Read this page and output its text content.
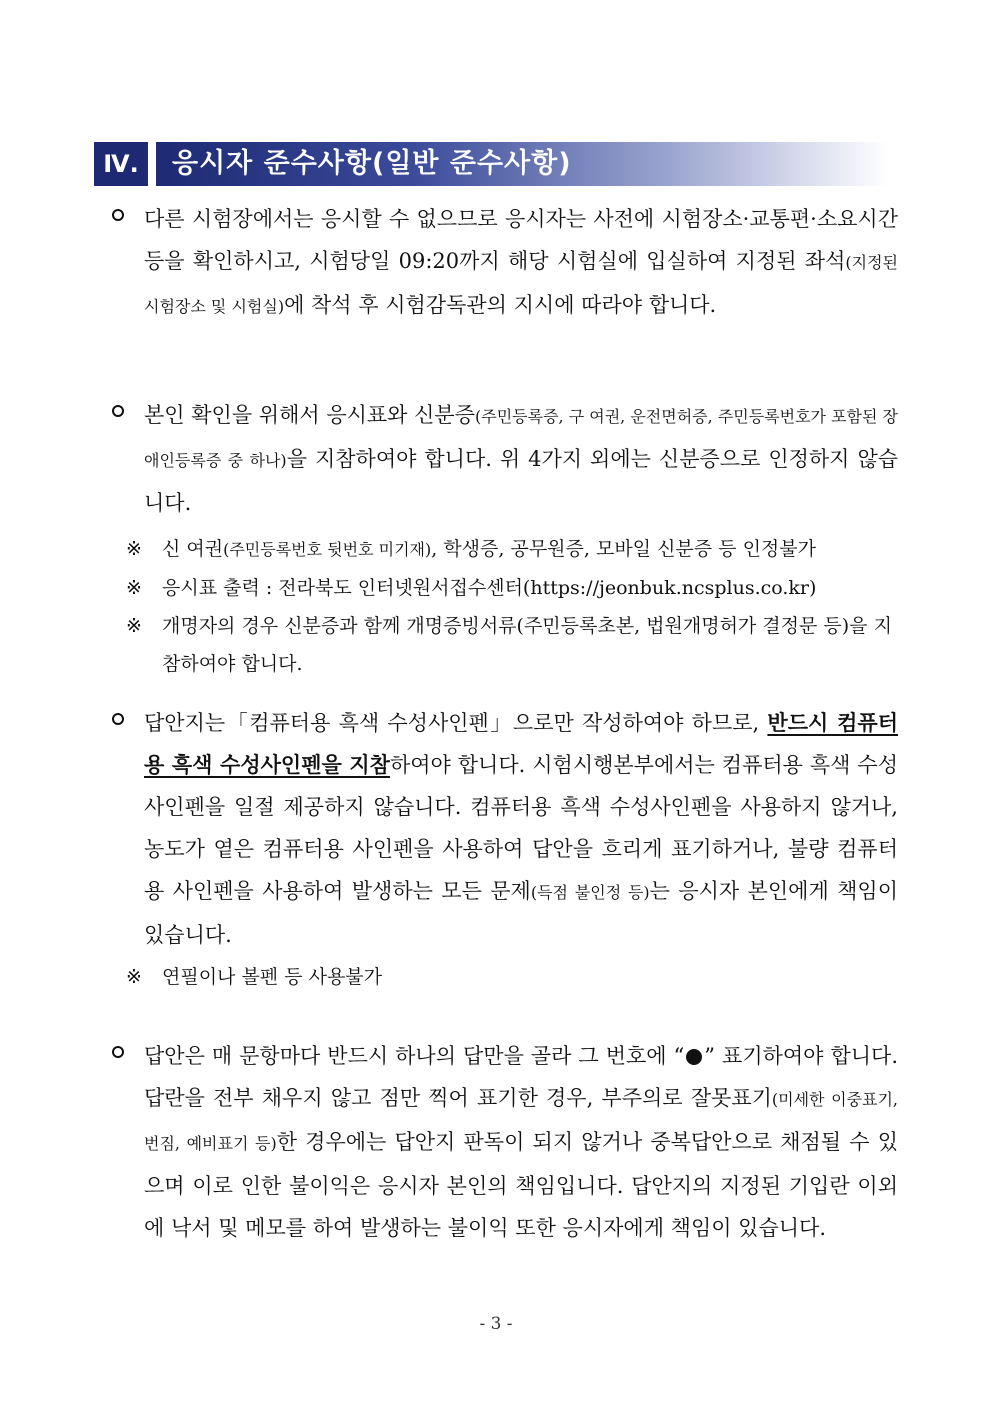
Ⅳ.	응시자 준수사항(일반 준수사항)
다른 시험장에서는 응시할 수 없으므로 응시자는 사전에 시험장소·교통편·소요시간 등을 확인하시고, 시험당일 09:20까지 해당 시험실에 입실하여 지정된 좌석(지정된 시험장소 및 시험실)에 착석 후 시험감독관의 지시에 따라야 합니다.
본인 확인을 위해서 응시표와 신분증(주민등록증, 구 여권, 운전면허증, 주민등록번호가 포함된 장애인등록증 중 하나)을 지참하여야 합니다. 위 4가지 외에는 신분증으로 인정하지 않습니다.
※ 신 여권(주민등록번호 뒷번호 미기재), 학생증, 공무원증, 모바일 신분증 등 인정불가
※ 응시표 출력 : 전라북도 인터넷원서접수센터(https://jeonbuk.ncsplus.co.kr)
※ 개명자의 경우 신분증과 함께 개명증빙서류(주민등록초본, 법원개명허가 결정문 등)을 지참하여야 합니다.
답안지는「컴퓨터용 흑색 수성사인펜」으로만 작성하여야 하므로, 반드시 컴퓨터용 흑색 수성사인펜을 지참하여야 합니다. 시험시행본부에서는 컴퓨터용 흑색 수성사인펜을 일절 제공하지 않습니다. 컴퓨터용 흑색 수성사인펜을 사용하지 않거나, 농도가 옅은 컴퓨터용 사인펜을 사용하여 답안을 흐리게 표기하거나, 불량 컴퓨터용 사인펜을 사용하여 발생하는 모든 문제(득점 불인정 등)는 응시자 본인에게 책임이 있습니다.
※ 연필이나 볼펜 등 사용불가
답안은 매 문항마다 반드시 하나의 답만을 골라 그 번호에 “ ” 표기하여야 합니다. 답란을 전부 채우지 않고 점만 찍어 표기한 경우, 부주의로 잘못표기(미세한 이중표기, 번짐, 예비표기 등)한 경우에는 답안지 판독이 되지 않거나 중복답안으로 채점될 수 있으며 이로 인한 불이익은 응시자 본인의 책임입니다. 답안지의 지정된 기입란 이외에 낙서 및 메모를 하여 발생하는 불이익 또한 응시자에게 책임이 있습니다.
- 3 -
